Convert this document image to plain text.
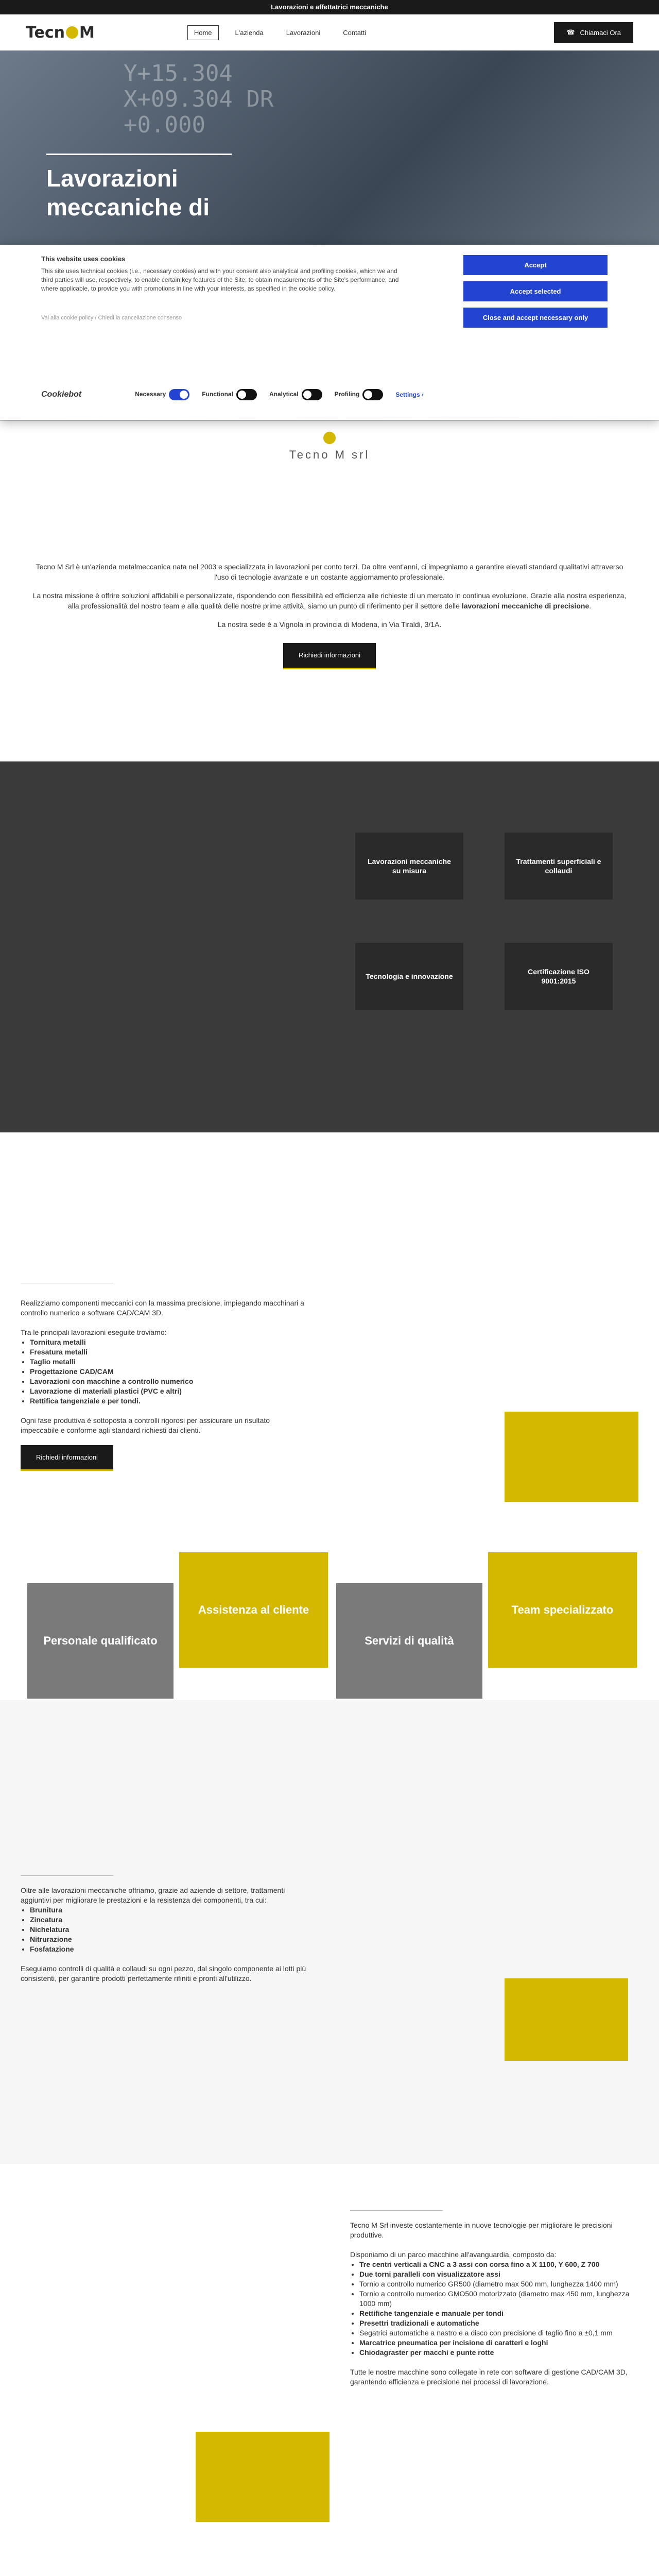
Lavorazioni e affettatrici meccaniche
Tecn M	Home	L'azienda	Lavorazioni	Contatti	☎ Chiamaci Ora
Y+15.304
X+09.304 DR
+0.000
Lavorazioni
meccaniche di
This website uses cookies

This site uses technical cookies (i.e., necessary cookies) and with your consent also analytical and profiling cookies, which we and third parties will use, respectively, to enable certain key features of the Site; to obtain measurements of the Site's performance; and where applicable, to provide you with promotions in line with your interests, as specified in the cookie policy.

Vai alla cookie policy / Chiedi la cancellazione consenso

Accept
Accept selected
Close and accept necessary only
Cookiebot	Necessary	Functional	Analytical	Profiling	Settings ›
Tecno M srl

Tecno M Srl è un'azienda metalmeccanica nata nel 2003 e specializzata in lavorazioni per conto terzi. Da oltre vent'anni, ci impegniamo a garantire elevati standard qualitativi attraverso l'uso di tecnologie avanzate e un costante aggiornamento professionale.

La nostra missione è offrire soluzioni affidabili e personalizzate, rispondendo con flessibilità ed efficienza alle richieste di un mercato in continua evoluzione. Grazie alla nostra esperienza, alla professionalità del nostro team e alla qualità delle nostre prime attività, siamo un punto di riferimento per il settore delle lavorazioni meccaniche di precisione.

La nostra sede è a Vignola in provincia di Modena, in Via Tiraldi, 3/1A.

Richiedi informazioni
Lavorazioni meccaniche su misura
Trattamenti superficiali e collaudi
Tecnologia e innovazione
Certificazione ISO 9001:2015

Realizziamo componenti meccanici con la massima precisione, impiegando macchinari a controllo numerico e software CAD/CAM 3D.

Tra le principali lavorazioni eseguite troviamo:

• Tornitura metalli
• Fresatura metalli
• Taglio metalli
• Progettazione CAD/CAM
• Lavorazioni con macchine a controllo numerico
• Lavorazione di materiali plastici (PVC e altri)
• Rettifica tangenziale e per tondi.

Ogni fase produttiva è sottoposta a controlli rigorosi per assicurare un risultato impeccabile e conforme agli standard richiesti dai clienti.

Richiedi informazioni
Personale qualificato
Assistenza al cliente
Servizi di qualità
Team specializzato

Oltre alle lavorazioni meccaniche offriamo, grazie ad aziende di settore, trattamenti aggiuntivi per migliorare le prestazioni e la resistenza dei componenti, tra cui:

• Brunitura
• Zincatura
• Nichelatura
• Nitrurazione
• Fosfatazione

Eseguiamo controlli di qualità e collaudi su ogni pezzo, dal singolo componente ai lotti più consistenti, per garantire prodotti perfettamente rifiniti e pronti all'utilizzo.

Tecno M Srl investe costantemente in nuove tecnologie per migliorare le precisioni produttive.

Disponiamo di un parco macchine all'avanguardia, composto da:

• Tre centri verticali a CNC a 3 assi con corsa fino a X 1100, Y 600, Z 700
• Due torni paralleli con visualizzatore assi
• Tornio a controllo numerico GR500 (diametro max 500 mm, lunghezza 1400 mm)
• Tornio a controllo numerico GMO500 motorizzato (diametro max 450 mm, lunghezza 1000 mm)
• Rettifiche tangenziale e manuale per tondi
• Presettri tradizionali e automatiche
• Segatrici automatiche a nastro e a disco con precisione di taglio fino a ±0,1 mm
• Marcatrice pneumatica per incisione di caratteri e loghi
• Chiodagraster per macchi e punte rotte

Tutte le nostre macchine sono collegate in rete con software di gestione CAD/CAM 3D, garantendo efficienza e precisione nei processi di lavorazione.
